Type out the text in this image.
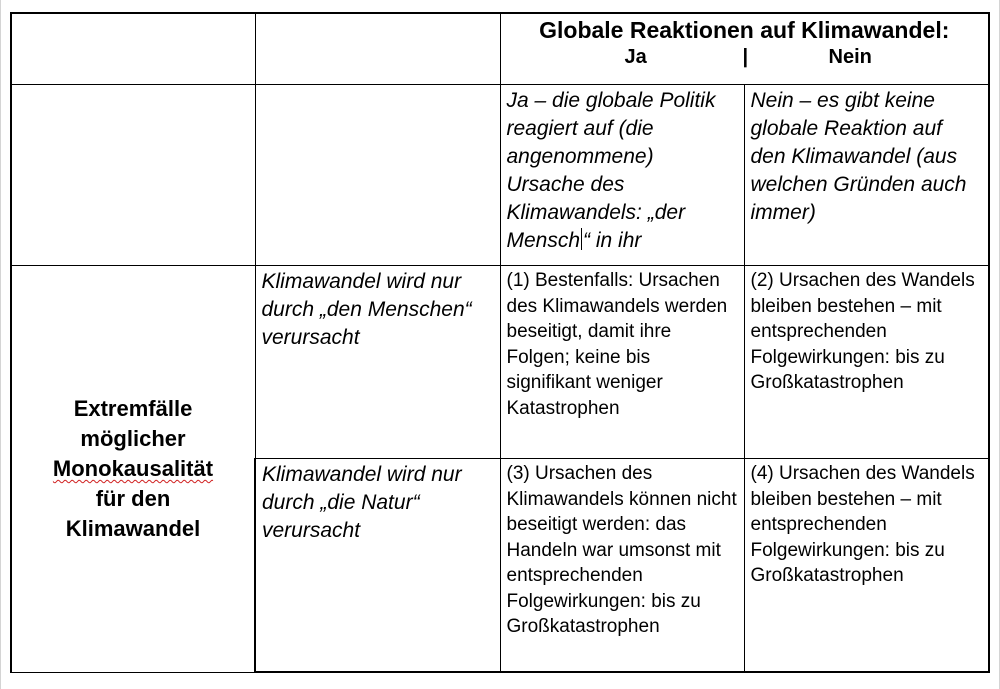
		Globale Reaktionen auf Klimawandel:
Ja | Nein	

		Ja – die globale Politik reagiert auf (die angenommene) Ursache des Klimawandels: „der Mensch “ in ihr	Nein – es gibt keine globale Reaktion auf den Klimawandel (aus welchen Gründen auch immer)

Extremfälle
möglicher
Monokausalität
für den
Klimawandel	Klimawandel wird nur durch „den Menschen“ verursacht	(1) Bestenfalls: Ursachen des Klimawandels werden beseitigt, damit ihre Folgen; keine bis signifikant weniger Katastrophen	(2) Ursachen des Wandels bleiben bestehen – mit entsprechenden Folgewirkungen: bis zu Großkatastrophen
	Klimawandel wird nur durch „die Natur“ verursacht	(3) Ursachen des Klimawandels können nicht beseitigt werden: das Handeln war umsonst mit entsprechenden Folgewirkungen: bis zu Großkatastrophen	(4) Ursachen des Wandels bleiben bestehen – mit entsprechenden Folgewirkungen: bis zu Großkatastrophen
